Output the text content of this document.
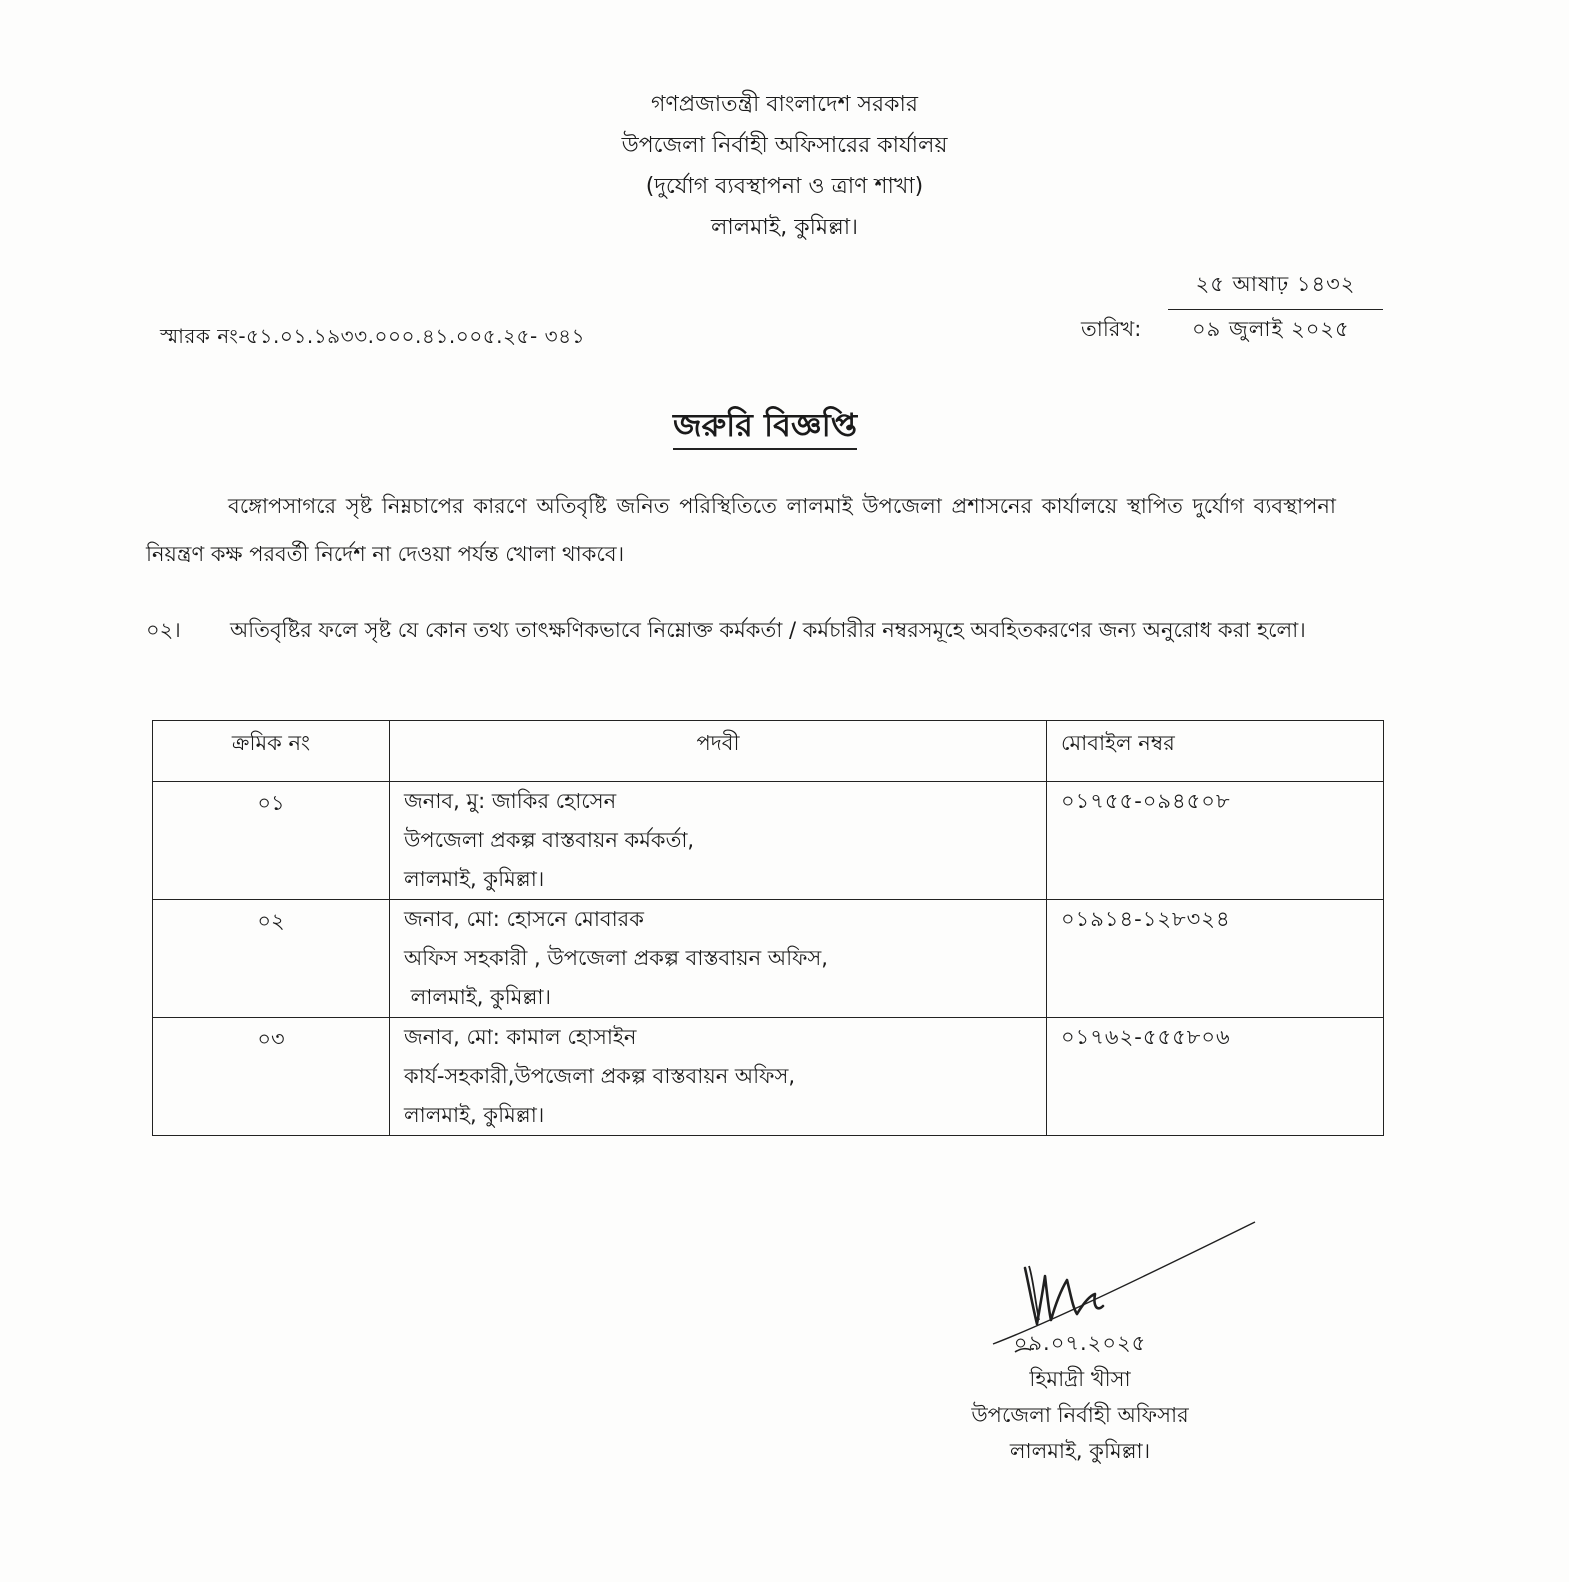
গণপ্রজাতন্ত্রী বাংলাদেশ সরকার
উপজেলা নির্বাহী অফিসারের কার্যালয়
(দুর্যোগ ব্যবস্থাপনা ও ত্রাণ শাখা)
লালমাই, কুমিল্লা।
২৫ আষাঢ় ১৪৩২
তারিখ: ০৯ জুলাই ২০২৫
স্মারক নং-৫১.০১.১৯৩৩.০০০.৪১.০০৫.২৫- ৩৪১
জরুরি বিজ্ঞপ্তি
বঙ্গোপসাগরে সৃষ্ট নিম্নচাপের কারণে অতিবৃষ্টি জনিত পরিস্থিতিতে লালমাই উপজেলা প্রশাসনের কার্যালয়ে স্থাপিত দুর্যোগ ব্যবস্থাপনা নিয়ন্ত্রণ কক্ষ পরবর্তী নির্দেশ না দেওয়া পর্যন্ত খোলা থাকবে।
০২। অতিবৃষ্টির ফলে সৃষ্ট যে কোন তথ্য তাৎক্ষণিকভাবে নিম্নোক্ত কর্মকর্তা / কর্মচারীর নম্বরসমূহে অবহিতকরণের জন্য অনুরোধ করা হলো।
ক্রমিক নং	পদবী	মোবাইল নম্বর
০১	জনাব, মু: জাকির হোসেন
উপজেলা প্রকল্প বাস্তবায়ন কর্মকর্তা,
লালমাই, কুমিল্লা।	০১৭৫৫-০৯৪৫০৮
০২	জনাব, মো: হোসনে মোবারক
অফিস সহকারী , উপজেলা প্রকল্প বাস্তবায়ন অফিস,
লালমাই, কুমিল্লা।	০১৯১৪-১২৮৩২৪
০৩	জনাব, মো: কামাল হোসাইন
কার্য-সহকারী,উপজেলা প্রকল্প বাস্তবায়ন অফিস,
লালমাই, কুমিল্লা।	০১৭৬২-৫৫৫৮০৬
০৯.০৭.২০২৫
হিমাদ্রী খীসা
উপজেলা নির্বাহী অফিসার
লালমাই, কুমিল্লা।
